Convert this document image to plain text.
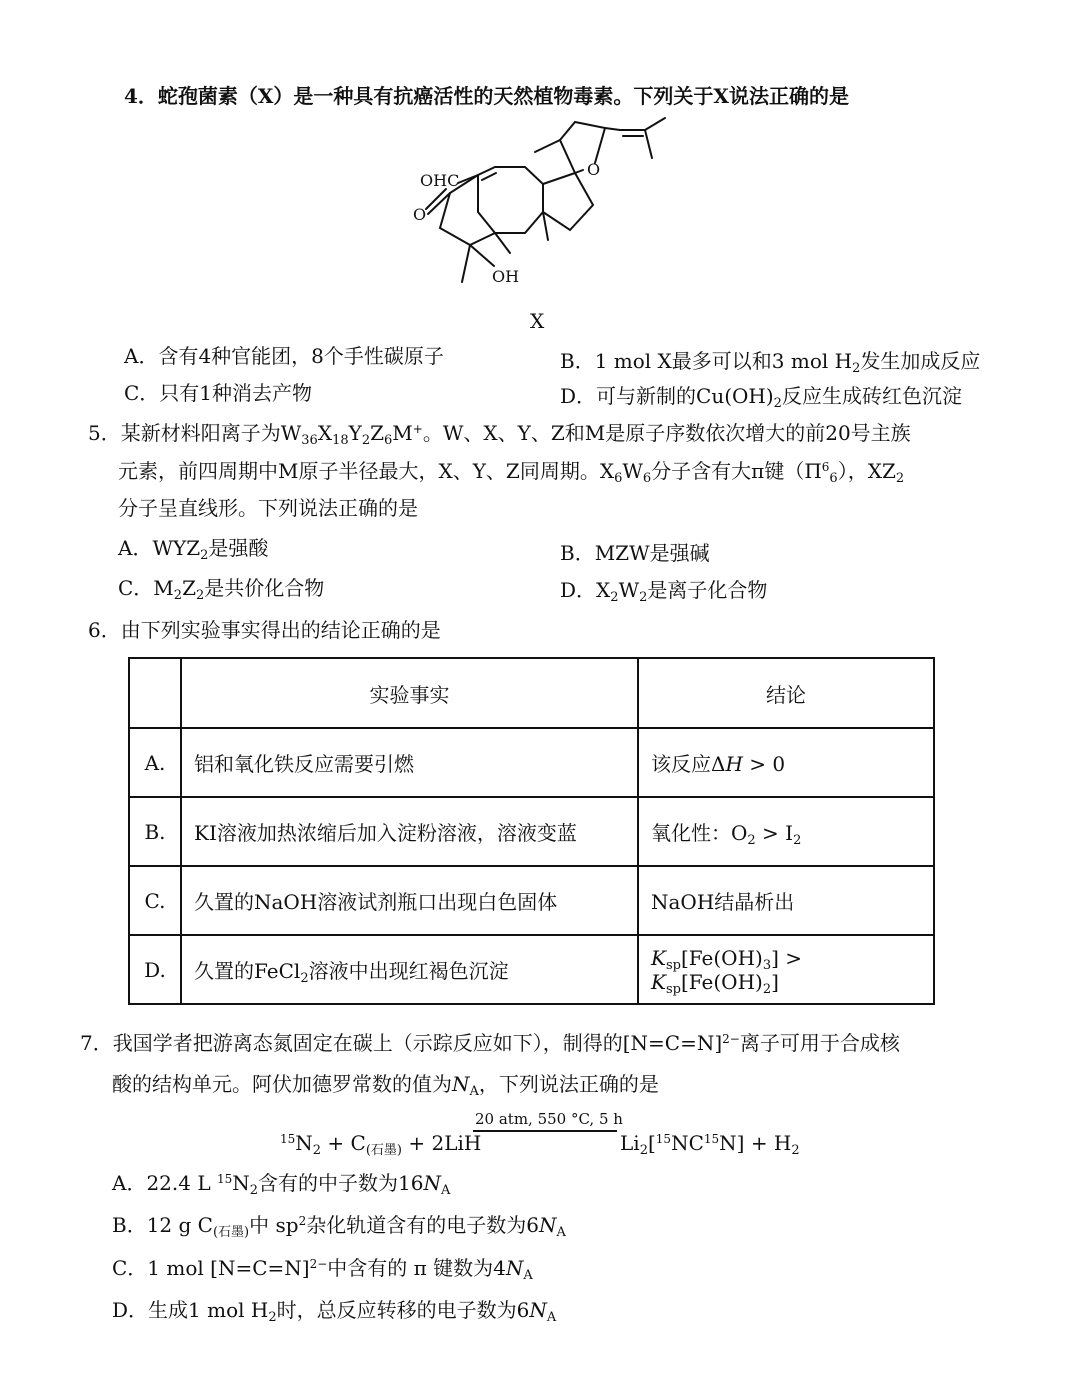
4．蛇孢菌素（X）是一种具有抗癌活性的天然植物毒素。下列关于X说法正确的是
OHC
O
OH
O
X
A．含有4种官能团，8个手性碳原子	B．1 mol X最多可以和3 mol $H_2$发生加成反应
C．只有1种消去产物	D．可与新制的$Cu(OH)_2$反应生成砖红色沉淀
5．某新材料阳离子为$W_{36}X_{18}Y_2Z_6M^+$。W、X、Y、Z和M是原子序数依次增大的前20号主族
元素，前四周期中M原子半径最大，X、Y、Z同周期。$X_6W_6$分子含有大π键$(\Pi^6_6)$，$XZ_2$
分子呈直线形。下列说法正确的是
A．$WYZ_2$是强酸	B．MZW是强碱
C．$M_2Z_2$是共价化合物	D．$X_2W_2$是离子化合物
6．由下列实验事实得出的结论正确的是
	实验事实	结论
A.	铝和氧化铁反应需要引燃	该反应ΔH > 0
B.	KI溶液加热浓缩后加入淀粉溶液，溶液变蓝	氧化性：$O_2 > I_2$
C.	久置的NaOH溶液试剂瓶口出现白色固体	NaOH结晶析出
D.	久置的FeCl$_2$溶液中出现红褐色沉淀	$K_{sp}[Fe(OH)_3] > K_{sp}[Fe(OH)_2]$
7．我国学者把游离态氮固定在碳上（示踪反应如下），制得的[N=C=N]$^{2-}$离子可用于合成核
酸的结构单元。阿伏加德罗常数的值为$N_A$，下列说法正确的是
20 atm, 550 °C, 5 h
$^{15}N_2 + C_{(石墨)} + 2LiH$	$Li_2[^{15}NC^{15}N] + H_2$
A．22.4 L $^{15}N_2$含有的中子数为$16N_A$
B．12 g $C_{(石墨)}$中 $sp^2$杂化轨道含有的电子数为$6N_A$
C．1 mol [N=C=N]$^{2-}$中含有的 π 键数为$4N_A$
D．生成1 mol $H_2$时，总反应转移的电子数为$6N_A$
